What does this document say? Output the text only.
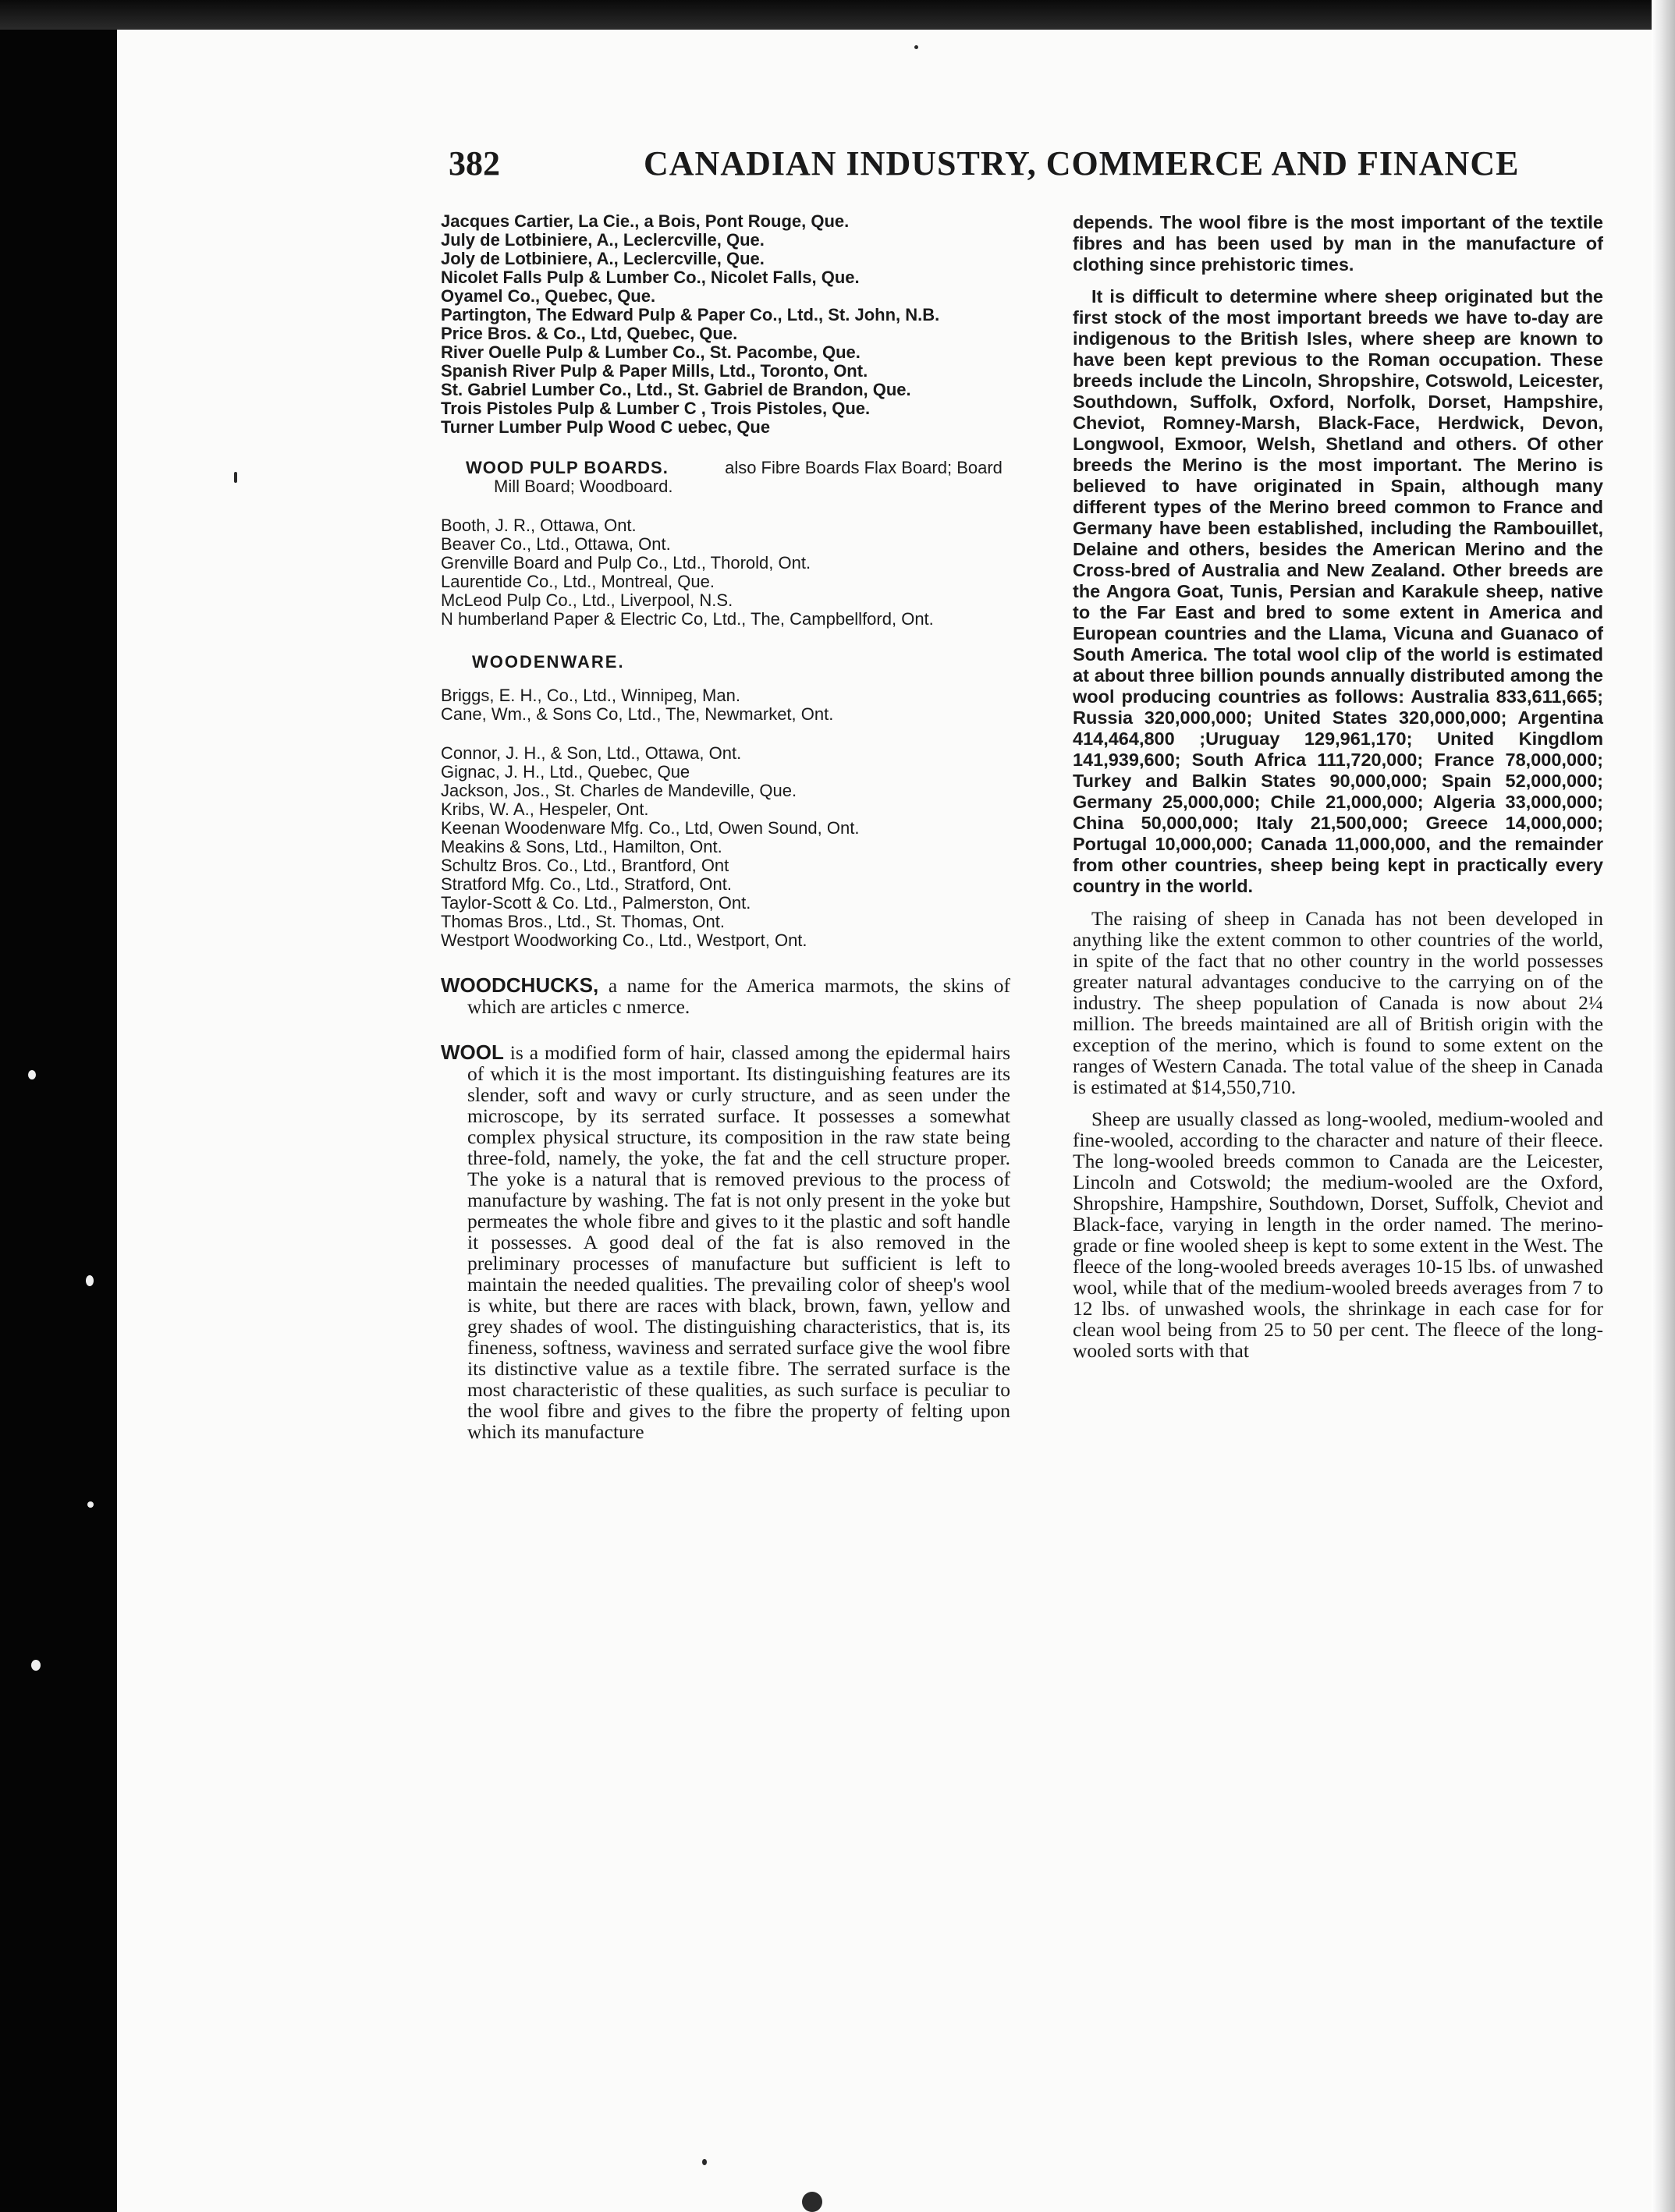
382	CANADIAN INDUSTRY, COMMERCE AND FINANCE

Jacques Cartier, La Cie., a Bois, Pont Rouge, Que.

July de Lotbiniere, A., Leclercville, Que.

Joly de Lotbiniere, A., Leclercville, Que.

Nicolet Falls Pulp & Lumber Co., Nicolet Falls, Que.

Oyamel Co., Quebec, Que.

Partington, The Edward Pulp & Paper Co., Ltd., St. John, N.B.

Price Bros. & Co., Ltd, Quebec, Que.

River Ouelle Pulp & Lumber Co., St. Pacombe, Que.

Spanish River Pulp & Paper Mills, Ltd., Toronto, Ont.

St. Gabriel Lumber Co., Ltd., St. Gabriel de Brandon, Que.

Trois Pistoles Pulp & Lumber C , Trois Pistoles, Que.

Turner Lumber Pulp Wood C uebec, Que

WOOD PULP BOARDS.	also Fibre Boards Flax Board; Board Mill Board; Woodboard.

Booth, J. R., Ottawa, Ont.

Beaver Co., Ltd., Ottawa, Ont.

Grenville Board and Pulp Co., Ltd., Thorold, Ont.

Laurentide Co., Ltd., Montreal, Que.

McLeod Pulp Co., Ltd., Liverpool, N.S.

N humberland Paper & Electric Co, Ltd., The, Campbellford, Ont.

WOODENWARE.

Briggs, E. H., Co., Ltd., Winnipeg, Man.

Cane, Wm., & Sons Co, Ltd., The, Newmarket, Ont.

Connor, J. H., & Son, Ltd., Ottawa, Ont.

Gignac, J. H., Ltd., Quebec, Que

Jackson, Jos., St. Charles de Mandeville, Que.

Kribs, W. A., Hespeler, Ont.

Keenan Woodenware Mfg. Co., Ltd, Owen Sound, Ont.

Meakins & Sons, Ltd., Hamilton, Ont.

Schultz Bros. Co., Ltd., Brantford, Ont

Stratford Mfg. Co., Ltd., Stratford, Ont.

Taylor-Scott & Co. Ltd., Palmerston, Ont.

Thomas Bros., Ltd., St. Thomas, Ont.

Westport Woodworking Co., Ltd., Westport, Ont.

WOODCHUCKS, a name for the America marmots, the skins of which are articles c nmerce.

WOOL is a modified form of hair, classed among the epidermal hairs of which it is the most important. Its distinguishing features are its slender, soft and wavy or curly structure, and as seen under the microscope, by its serrated surface. It possesses a somewhat complex physical structure, its composition in the raw state being three-fold, namely, the yoke, the fat and the cell structure proper. The yoke is a natural that is removed previous to the process of manufacture by washing. The fat is not only present in the yoke but permeates the whole fibre and gives to it the plastic and soft handle it possesses. A good deal of the fat is also removed in the preliminary processes of manufacture but sufficient is left to maintain the needed qualities. The prevailing color of sheep's wool is white, but there are races with black, brown, fawn, yellow and grey shades of wool. The distinguishing characteristics, that is, its fineness, softness, waviness and serrated surface give the wool fibre its distinctive value as a textile fibre. The serrated surface is the most characteristic of these qualities, as such surface is peculiar to the wool fibre and gives to the fibre the property of felting upon which its manufacture

depends. The wool fibre is the most important of the textile fibres and has been used by man in the manufacture of clothing since prehistoric times.

It is difficult to determine where sheep originated but the first stock of the most important breeds we have to-day are indigenous to the British Isles, where sheep are known to have been kept previous to the Roman occupation. These breeds include the Lincoln, Shropshire, Cotswold, Leicester, Southdown, Suffolk, Oxford, Norfolk, Dorset, Hampshire, Cheviot, Romney-Marsh, Black-Face, Herdwick, Devon, Longwool, Exmoor, Welsh, Shetland and others. Of other breeds the Merino is the most important. The Merino is believed to have originated in Spain, although many different types of the Merino breed common to France and Germany have been established, including the Rambouillet, Delaine and others, besides the American Merino and the Cross-bred of Australia and New Zealand. Other breeds are the Angora Goat, Tunis, Persian and Karakule sheep, native to the Far East and bred to some extent in America and European countries and the Llama, Vicuna and Guanaco of South America. The total wool clip of the world is estimated at about three billion pounds annually distributed among the wool producing countries as follows: Australia 833,611,665; Russia 320,000,000; United States 320,000,000; Argentina 414,464,800 ;Uruguay 129,961,170; United Kingdlom 141,939,600; South Africa 111,720,000; France 78,000,000; Turkey and Balkin States 90,000,000; Spain 52,000,000; Germany 25,000,000; Chile 21,000,000; Algeria 33,000,000; China 50,000,000; Italy 21,500,000; Greece 14,000,000; Portugal 10,000,000; Canada 11,000,000, and the remainder from other countries, sheep being kept in practically every country in the world.

The raising of sheep in Canada has not been developed in anything like the extent common to other countries of the world, in spite of the fact that no other country in the world possesses greater natural advantages conducive to the carrying on of the industry. The sheep population of Canada is now about 2¼ million. The breeds maintained are all of British origin with the exception of the merino, which is found to some extent on the ranges of Western Canada. The total value of the sheep in Canada is estimated at $14,550,710.

Sheep are usually classed as long-wooled, medium-wooled and fine-wooled, according to the character and nature of their fleece. The long-wooled breeds common to Canada are the Leicester, Lincoln and Cotswold; the medium-wooled are the Oxford, Shropshire, Hampshire, Southdown, Dorset, Suffolk, Cheviot and Black-face, varying in length in the order named. The merino-grade or fine wooled sheep is kept to some extent in the West. The fleece of the long-wooled breeds averages 10-15 lbs. of unwashed wool, while that of the medium-wooled breeds averages from 7 to 12 lbs. of unwashed wools, the shrinkage in each case for for clean wool being from 25 to 50 per cent. The fleece of the long-wooled sorts with that
